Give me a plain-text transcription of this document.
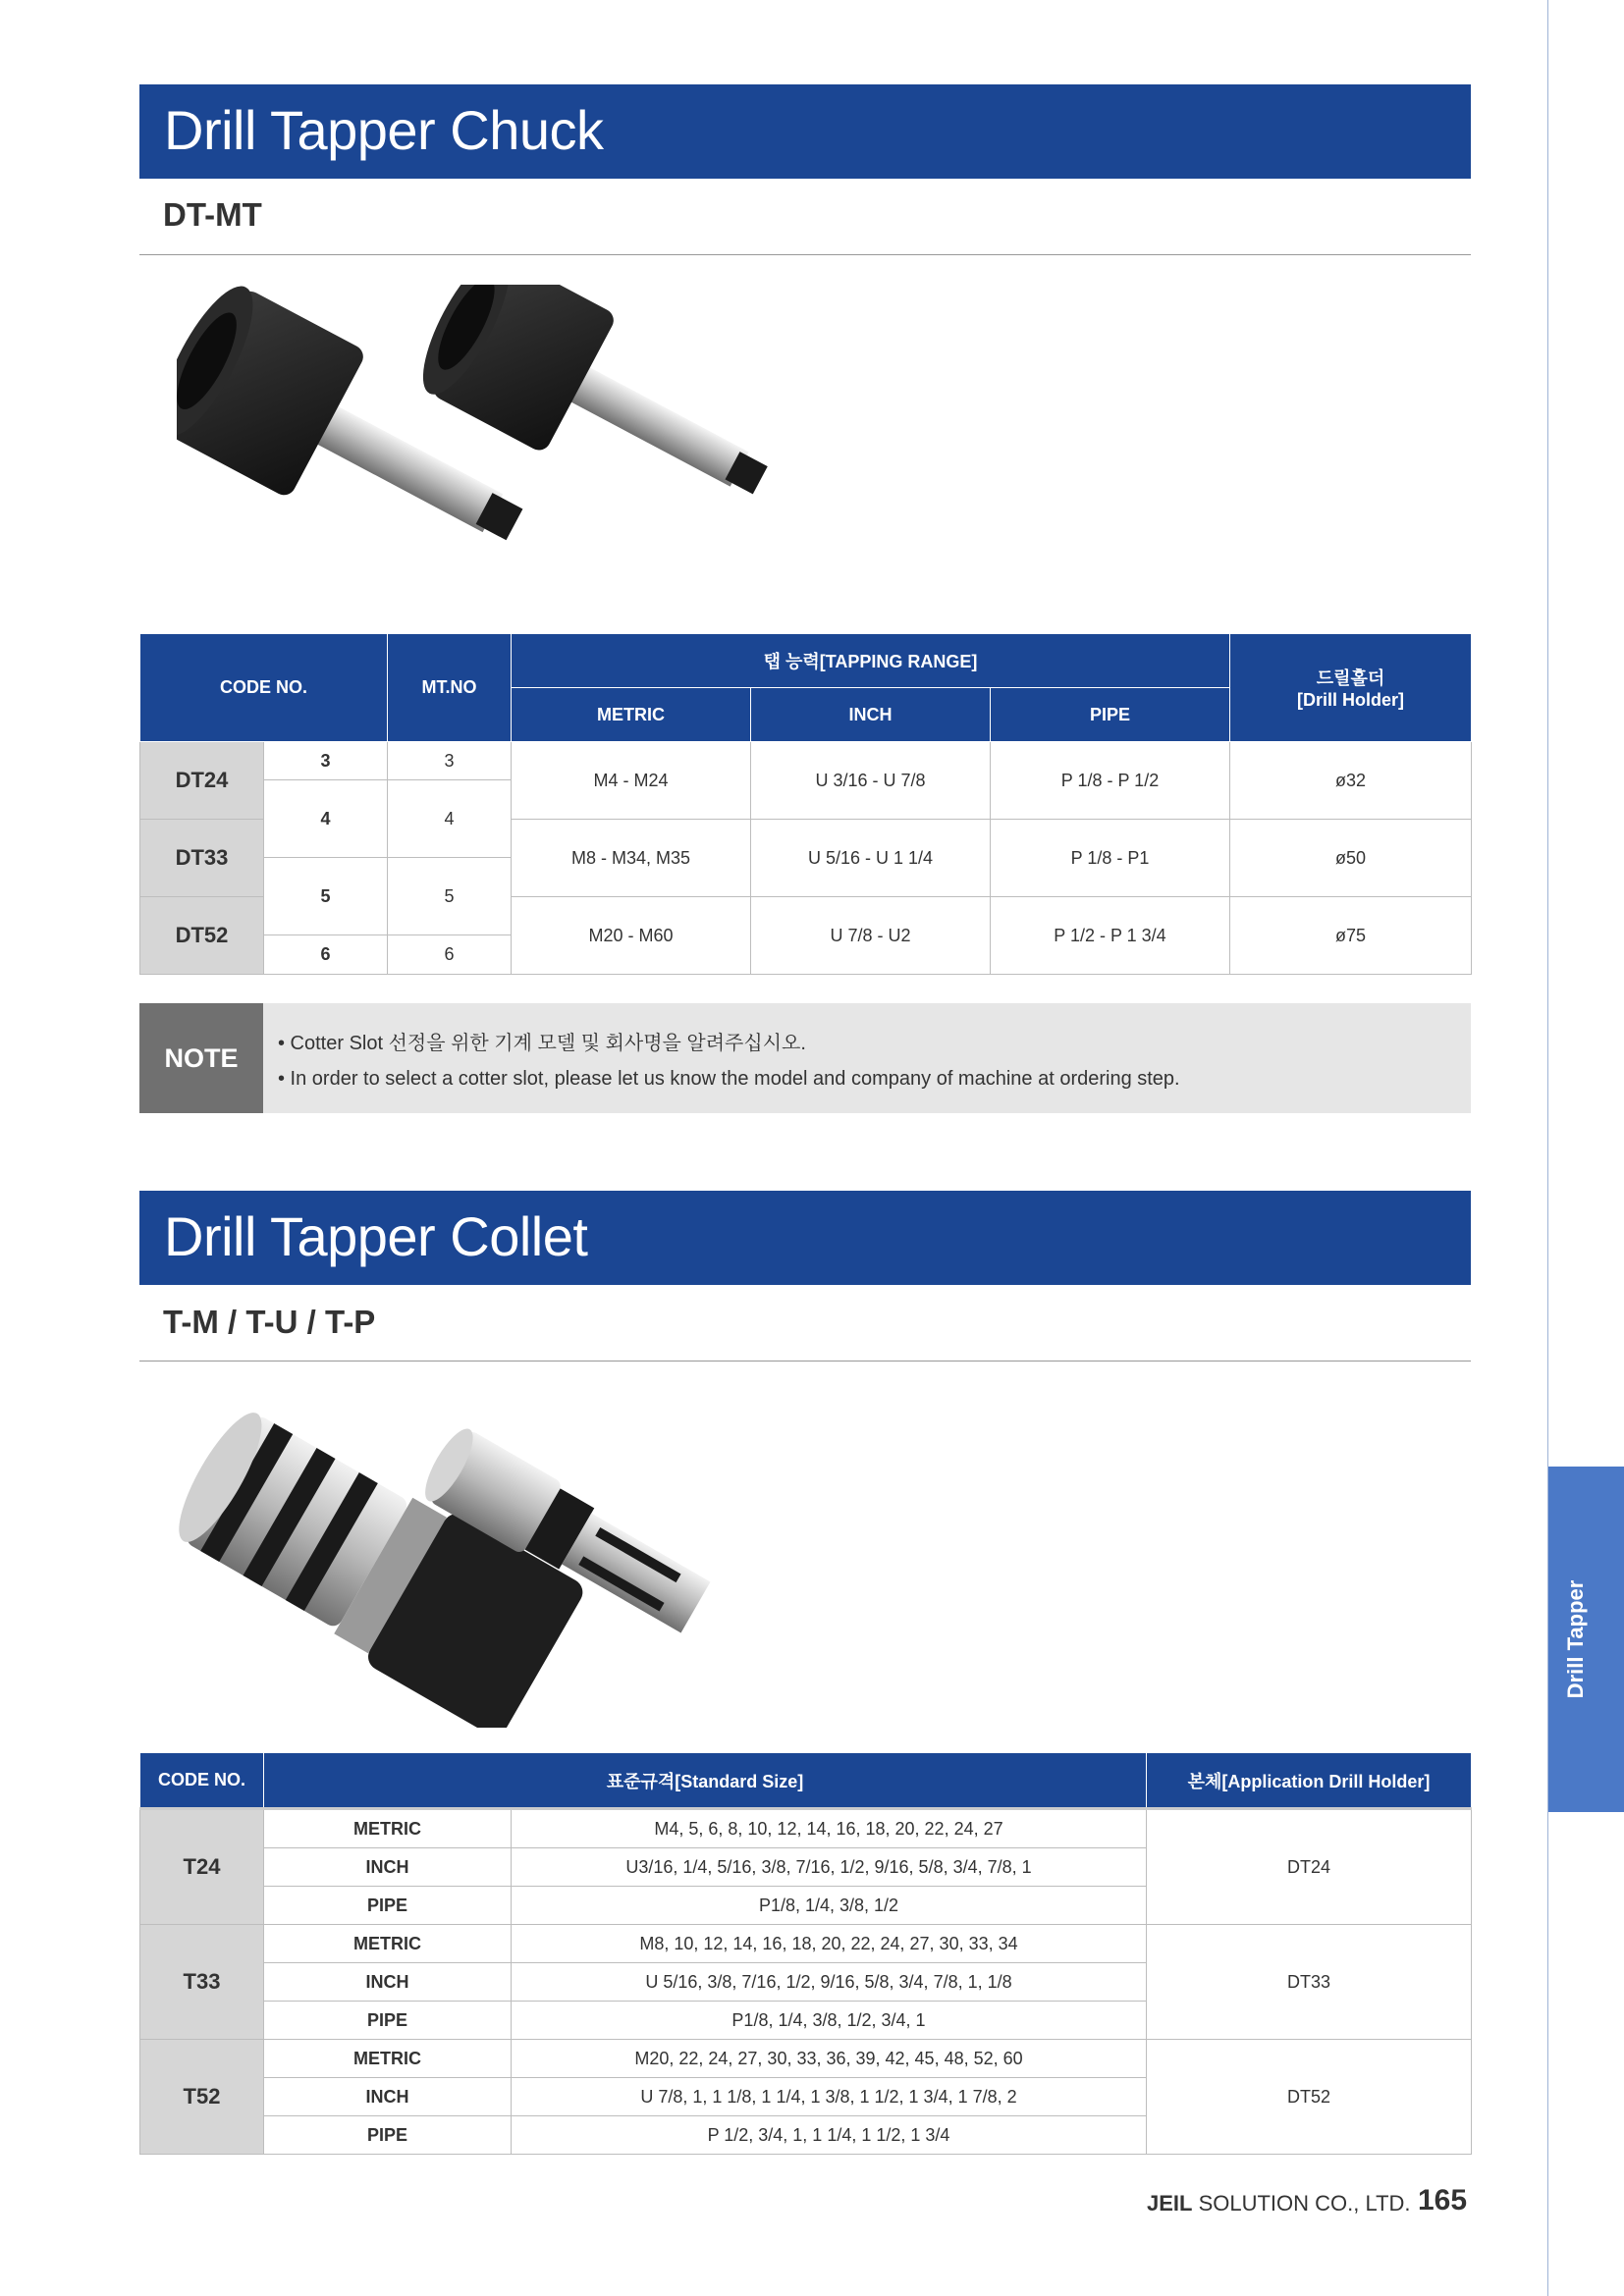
Drill Tapper
Drill Tapper Chuck
DT-MT
CODE NO.		MT.NO	탭 능력[TAPPING RANGE]			드릴홀더
[Drill Holder]

			METRIC	INCH	PIPE	
DT24	3	3	M4 - M24	U 3/16 - U 7/8	P 1/8 - P 1/2	ø32
	4	4				
DT33			M8 - M34, M35	U 5/16 - U 1 1/4	P 1/8 - P1	ø50
	5	5				
DT52			M20 - M60	U 7/8 - U2	P 1/2 - P 1 3/4	ø75
	6	6				
NOTE	• Cotter Slot 선정을 위한 기계 모델 및 회사명을 알려주십시오.
• In order to select a cotter slot, please let us know the model and company of machine at ordering step.
Drill Tapper Collet
T-M / T-U / T-P
CODE NO.	표준규격[Standard Size]		본체[Application Drill Holder]
T24	METRIC	M4, 5, 6, 8, 10, 12, 14, 16, 18, 20, 22, 24, 27	DT24
	INCH	U3/16, 1/4, 5/16, 3/8, 7/16, 1/2, 9/16, 5/8, 3/4, 7/8, 1	
	PIPE	P1/8, 1/4, 3/8, 1/2	
T33	METRIC	M8, 10, 12, 14, 16, 18, 20, 22, 24, 27, 30, 33, 34	DT33
	INCH	U 5/16, 3/8, 7/16, 1/2, 9/16, 5/8, 3/4, 7/8, 1, 1/8	
	PIPE	P1/8, 1/4, 3/8, 1/2, 3/4, 1	
T52	METRIC	M20, 22, 24, 27, 30, 33, 36, 39, 42, 45, 48, 52, 60	DT52
	INCH	U 7/8, 1, 1 1/8, 1 1/4, 1 3/8, 1 1/2, 1 3/4, 1 7/8, 2	
	PIPE	P 1/2, 3/4, 1, 1 1/4, 1 1/2, 1 3/4	
JEIL SOLUTION CO., LTD. 165
